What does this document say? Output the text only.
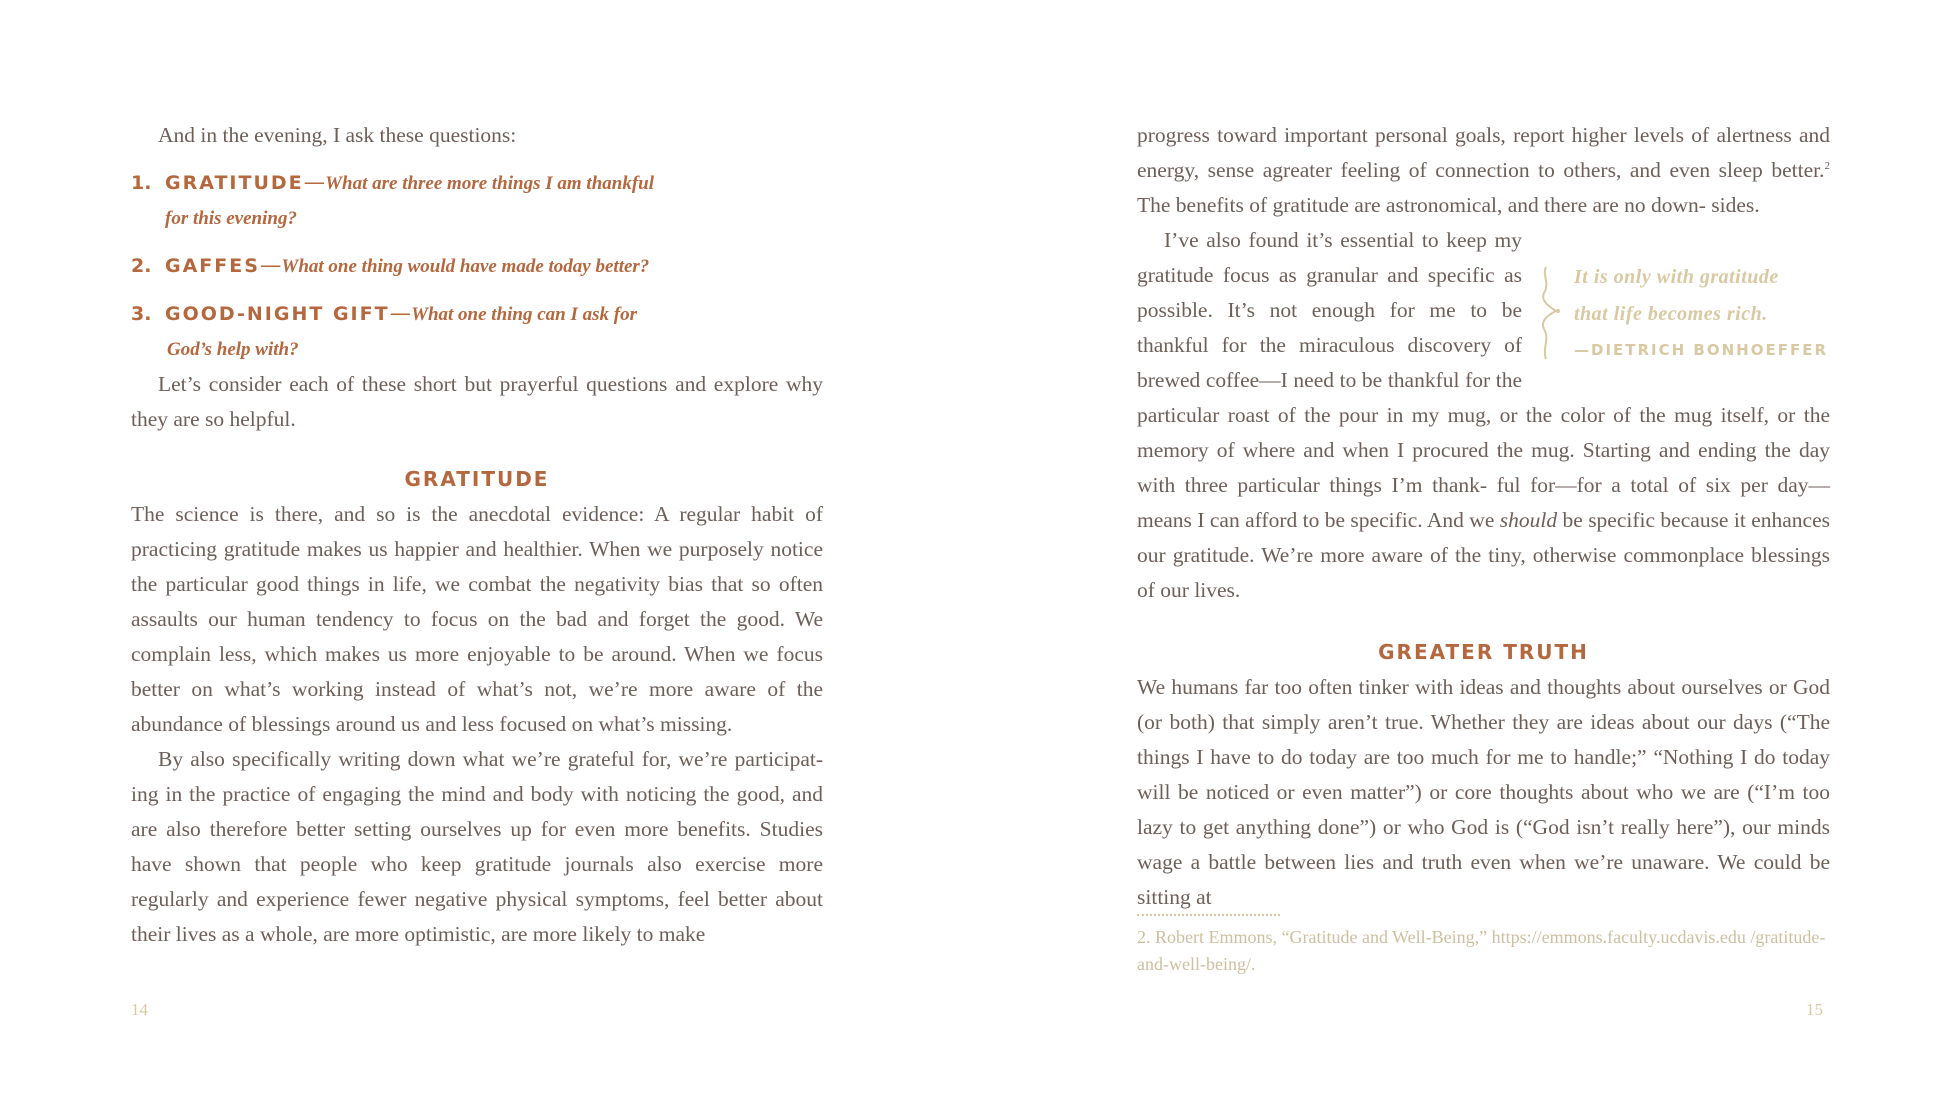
And in the evening, I ask these questions:

1. GRATITUDE—What are three more things I am thankful
for this evening?
2. GAFFES—What one thing would have made today better?
3. GOOD-NIGHT GIFT—What one thing can I ask for
God’s help with?

Let’s consider each of these short but prayerful questions and explore why they are so helpful.

GRATITUDE

The science is there, and so is the anecdotal evidence: A regular habit of practicing gratitude makes us happier and healthier. When we purposely notice the particular good things in life, we combat the negativity bias that so often assaults our human tendency to focus on the bad and forget the good. We complain less, which makes us more enjoyable to be around. When we focus better on what’s working instead of what’s not, we’re more aware of the abundance of blessings around us and less focused on what’s missing.

By also specifically writing down what we’re grateful for, we’re participat- ing in the practice of engaging the mind and body with noticing the good, and are also therefore better setting ourselves up for even more benefits. Studies have shown that people who keep gratitude journals also exercise more regularly and experience fewer negative physical symptoms, feel better about their lives as a whole, are more optimistic, are more likely to make

14

progress toward important personal goals, report higher levels of alertness and energy, sense agreater feeling of connection to others, and even sleep better.$^2$ The benefits of gratitude are astronomical, and there are no down- sides.

It is only with gratitude
that life becomes rich.
—DIETRICH BONHOEFFER

I’ve also found it’s essential to keep my gratitude focus as granular and specific as possible. It’s not enough for me to be thankful for the miraculous discovery of brewed coffee—I need to be thankful for the particular roast of the pour in my mug, or the color of the mug itself, or the memory of where and when I procured the mug. Starting and ending the day with three particular things I’m thank- ful for—for a total of six per day—means I can afford to be specific. And we should be specific because it enhances our gratitude. We’re more aware of the tiny, otherwise commonplace blessings of our lives.

GREATER TRUTH

We humans far too often tinker with ideas and thoughts about ourselves or God (or both) that simply aren’t true. Whether they are ideas about our days (“The things I have to do today are too much for me to handle;” “Nothing I do today will be noticed or even matter”) or core thoughts about who we are (“I’m too lazy to get anything done”) or who God is (“God isn’t really here”), our minds wage a battle between lies and truth even when we’re unaware. We could be sitting at

2. Robert Emmons, “Gratitude and Well-Being,” https://emmons.faculty.ucdavis.edu /gratitude-and-well-being/.
15
